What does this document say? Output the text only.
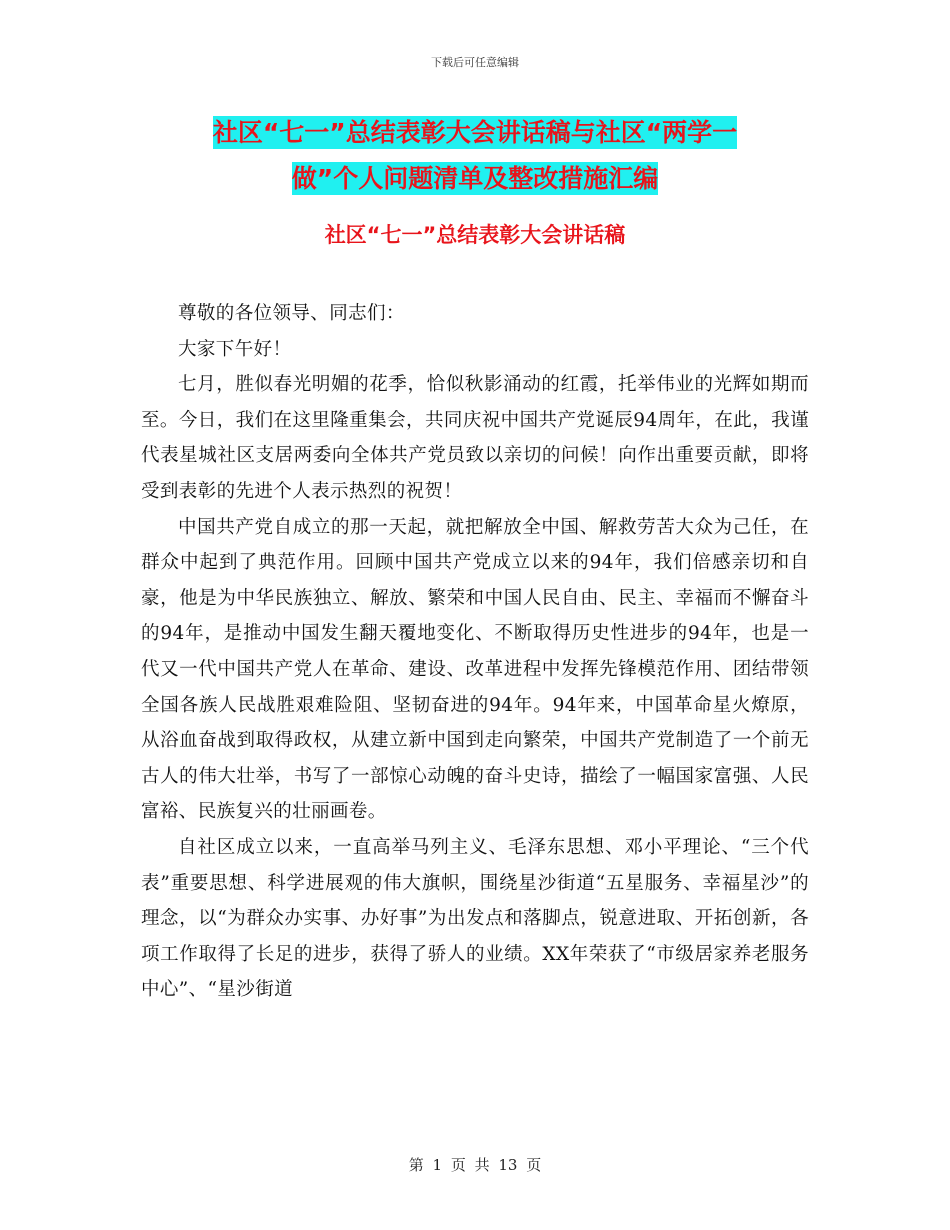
下载后可任意编辑
社区“七一”总结表彰大会讲话稿与社区“两学一
做”个人问题清单及整改措施汇编
社区“七一”总结表彰大会讲话稿

尊敬的各位领导、同志们：

大家下午好！

七月，胜似春光明媚的花季，恰似秋影涌动的红霞，托举伟业的光辉如期而至。今日，我们在这里隆重集会，共同庆祝中国共产党诞辰94周年，在此，我谨代表星城社区支居两委向全体共产党员致以亲切的问候！向作出重要贡献，即将受到表彰的先进个人表示热烈的祝贺！

中国共产党自成立的那一天起，就把解放全中国、解救劳苦大众为己任，在群众中起到了典范作用。回顾中国共产党成立以来的94年，我们倍感亲切和自豪，他是为中华民族独立、解放、繁荣和中国人民自由、民主、幸福而不懈奋斗的94年，是推动中国发生翻天覆地变化、不断取得历史性进步的94年，也是一代又一代中国共产党人在革命、建设、改革进程中发挥先锋模范作用、团结带领全国各族人民战胜艰难险阻、坚韧奋进的94年。94年来，中国革命星火燎原，从浴血奋战到取得政权，从建立新中国到走向繁荣，中国共产党制造了一个前无古人的伟大壮举，书写了一部惊心动魄的奋斗史诗，描绘了一幅国家富强、人民富裕、民族复兴的壮丽画卷。

自社区成立以来，一直高举马列主义、毛泽东思想、邓小平理论、“三个代表”重要思想、科学进展观的伟大旗帜，围绕星沙街道“五星服务、幸福星沙”的理念，以“为群众办实事、办好事”为出发点和落脚点，锐意进取、开拓创新，各项工作取得了长足的进步，获得了骄人的业绩。XX年荣获了“市级居家养老服务中心”、“星沙街道

第 1 页 共 13 页
